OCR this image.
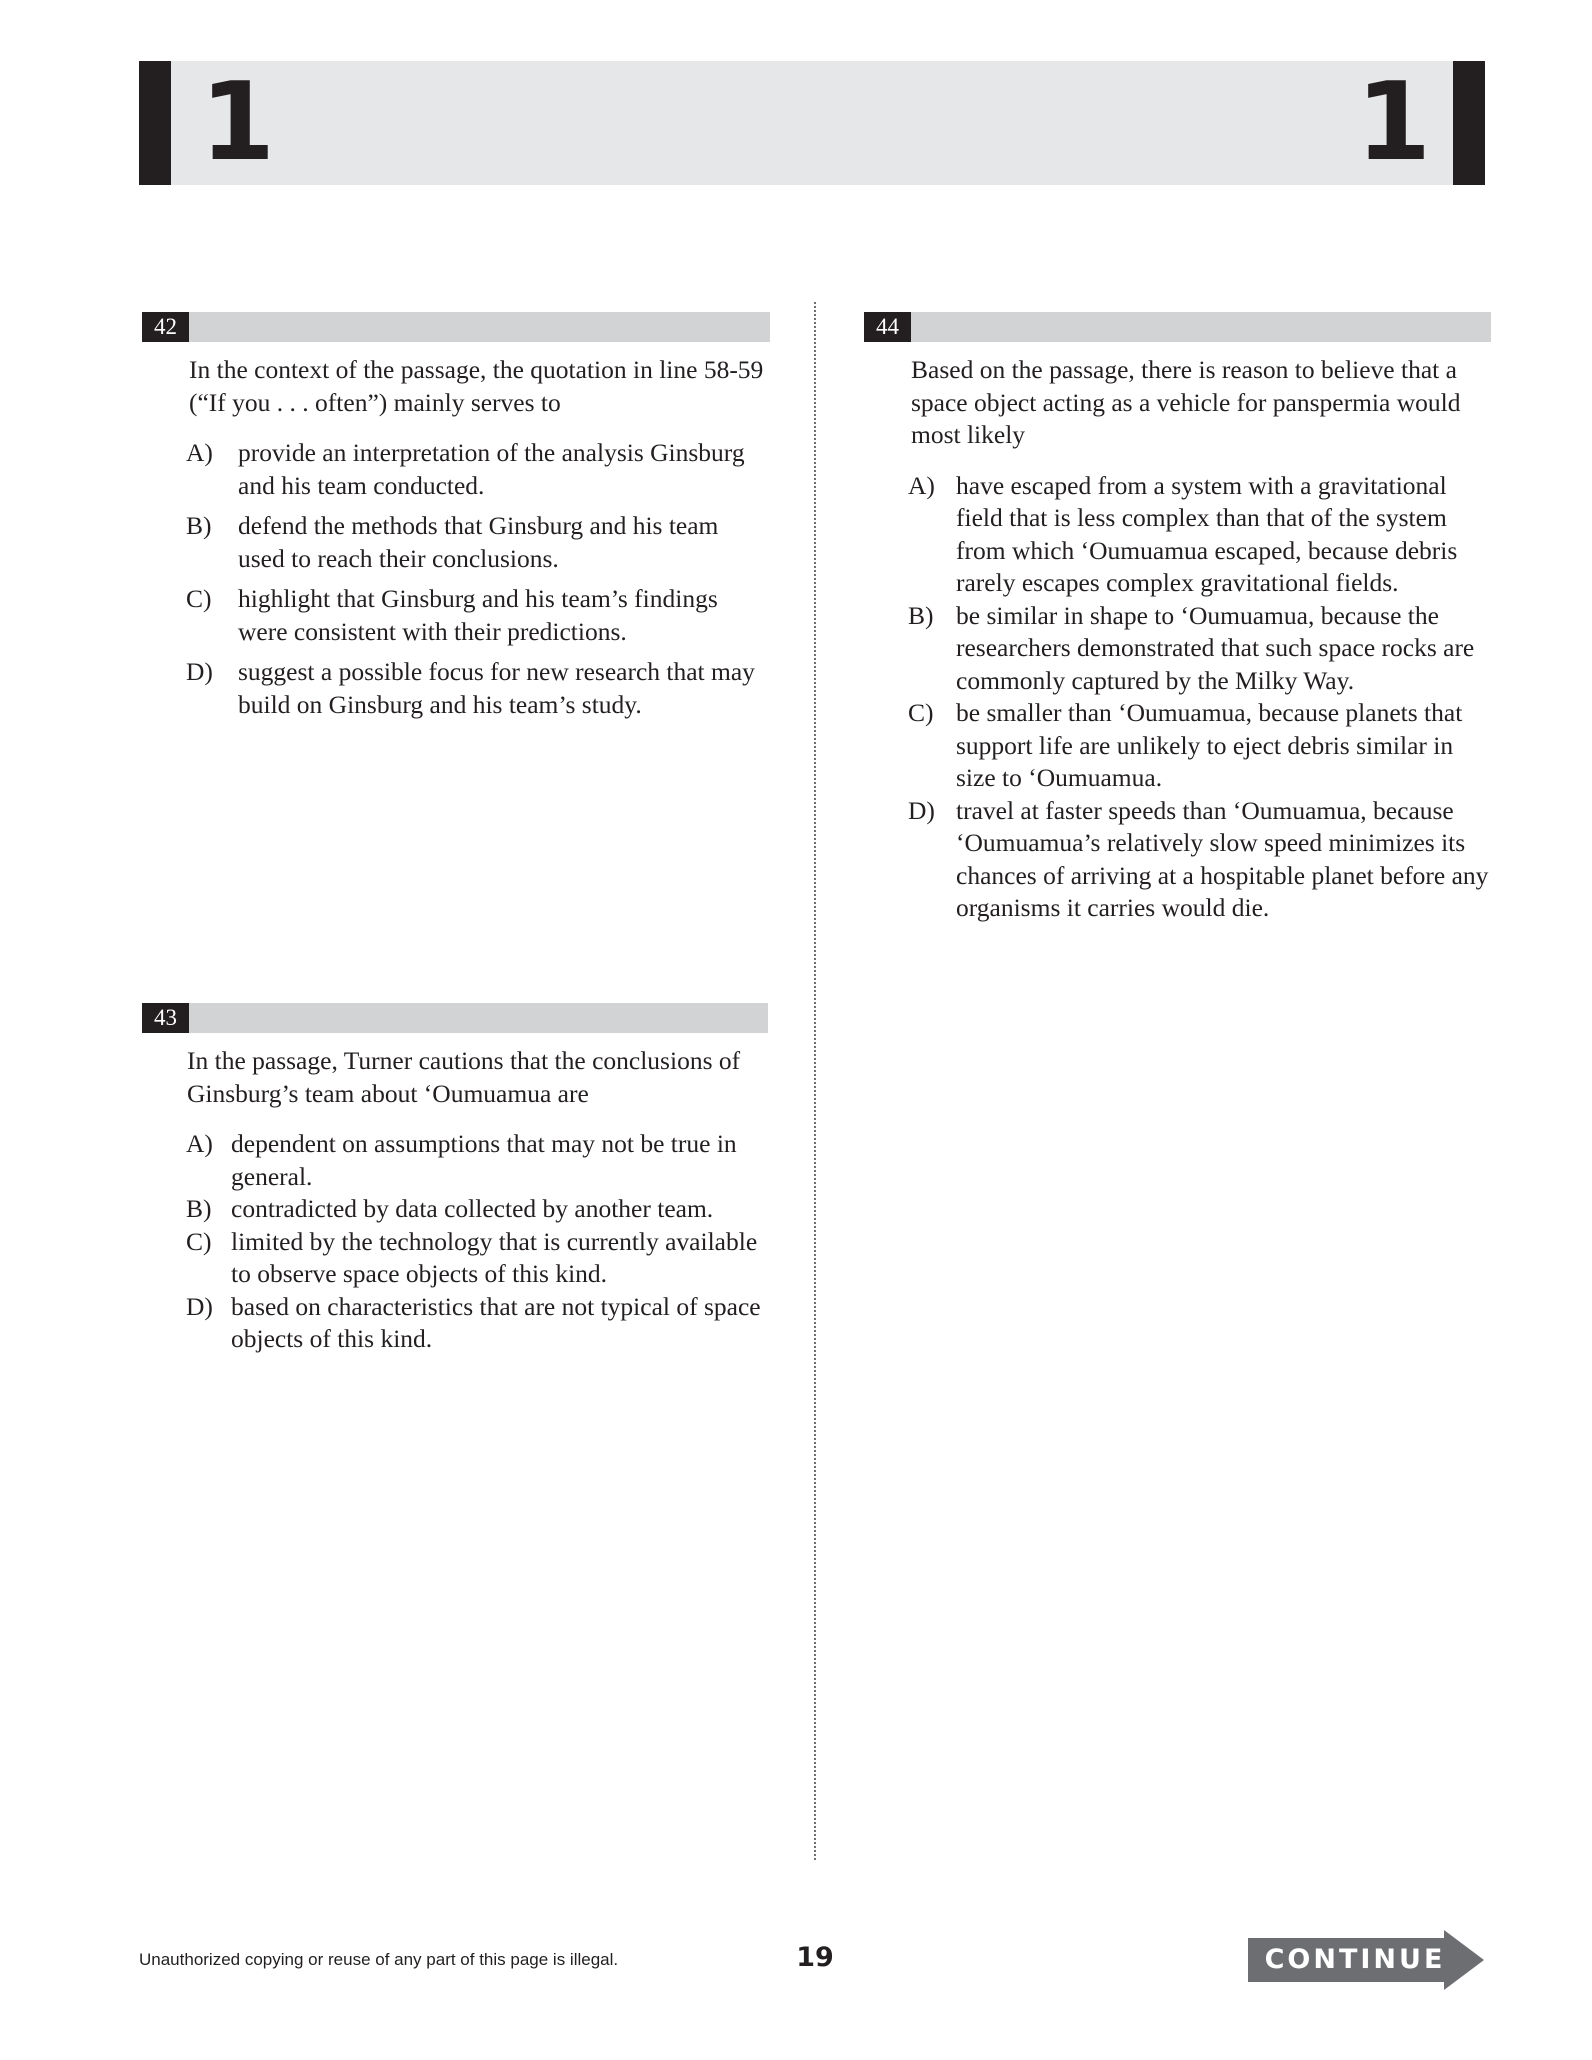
1	1
42

In the context of the passage, the quotation in line 58-59 (“If you . . . often”) mainly serves to

A) provide an interpretation of the analysis Ginsburg and his team conducted.
B)	defend the methods that Ginsburg and his team used to reach their conclusions.
C)	highlight that Ginsburg and his team’s findings were consistent with their predictions.
D) suggest a possible focus for new research that may build on Ginsburg and his team’s study.
43

In the passage, Turner cautions that the conclusions of Ginsburg’s team about ‘Oumuamua are

A) dependent on assumptions that may not be true in general.
B) contradicted by data collected by another team.
C) limited by the technology that is currently available to observe space objects of this kind.
D) based on characteristics that are not typical of space objects of this kind.
44

Based on the passage, there is reason to believe that a space object acting as a vehicle for panspermia would most likely

A) have escaped from a system with a gravitational field that is less complex than that of the system from which ‘Oumuamua escaped, because debris rarely escapes complex gravitational fields.
B) be similar in shape to ‘Oumuamua, because the researchers demonstrated that such space rocks are commonly captured by the Milky Way.
C) be smaller than ‘Oumuamua, because planets that support life are unlikely to eject debris similar in size to ‘Oumuamua.
D) travel at faster speeds than ‘Oumuamua, because ‘Oumuamua’s relatively slow speed minimizes its chances of arriving at a hospitable planet before any organisms it carries would die.
Unauthorized copying or reuse of any part of this page is illegal.	19	CONTINUE
